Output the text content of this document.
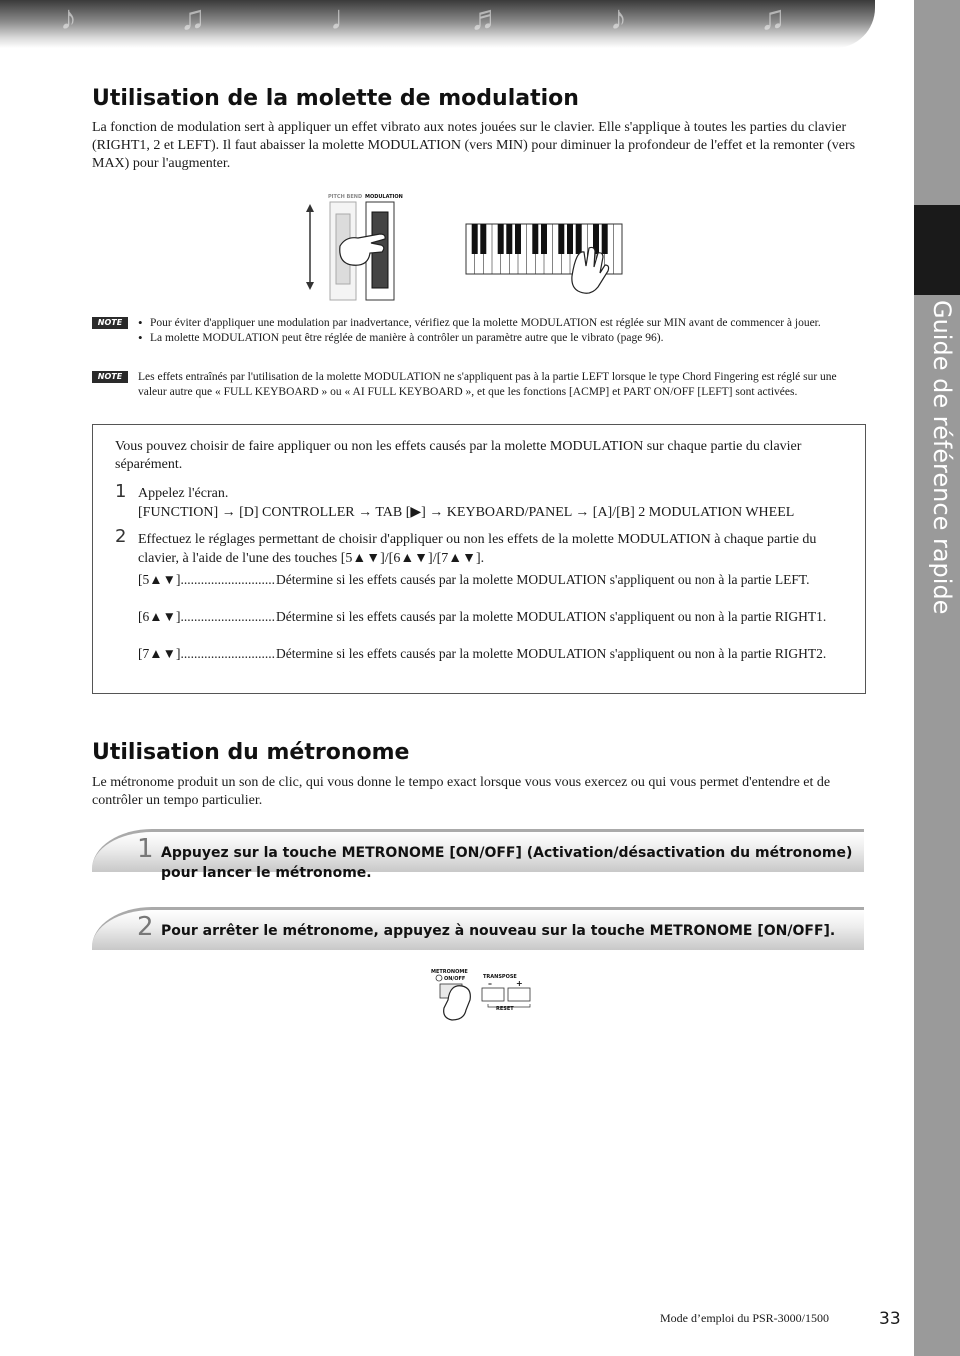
♪	♫	♩	♬	♪	♫
Guide de référence rapide
Utilisation de la molette de modulation

La fonction de modulation sert à appliquer un effet vibrato aux notes jouées sur le clavier. Elle s'applique à toutes les parties du clavier (RIGHT1, 2 et LEFT). Il faut abaisser la molette MODULATION (vers MIN) pour diminuer la profondeur de l'effet et la remonter (vers MAX) pour l'augmenter.

PITCH BEND MODULATION
NOTE
•	Pour éviter d'appliquer une modulation par inadvertance, vérifiez que la molette MODULATION est réglée sur MIN avant de commencer à jouer.
• La molette MODULATION peut être réglée de manière à contrôler un paramètre autre que le vibrato (page 96).
NOTE	Les effets entraînés par l'utilisation de la molette MODULATION ne s'appliquent pas à la partie LEFT lorsque le type Chord Fingering est réglé sur une valeur autre que « FULL KEYBOARD » ou « AI FULL KEYBOARD », et que les fonctions [ACMP] et PART ON/OFF [LEFT] sont activées.
Vous pouvez choisir de faire appliquer ou non les effets causés par la molette MODULATION sur chaque partie du clavier séparément.
1 Appelez l'écran.
[FUNCTION] → [D] CONTROLLER → TAB [▶] → KEYBOARD/PANEL → [A]/[B] 2 MODULATION WHEEL
2 Effectuez le réglages permettant de choisir d'appliquer ou non les effets de la molette MODULATION à chaque partie du clavier, à l'aide de l'une des touches [5▲▼]/[6▲▼]/[7▲▼].
[5▲▼]............................ Détermine si les effets causés par la molette MODULATION s'appliquent ou non à la partie LEFT.
[6▲▼]............................ Détermine si les effets causés par la molette MODULATION s'appliquent ou non à la partie RIGHT1.
[7▲▼]............................ Détermine si les effets causés par la molette MODULATION s'appliquent ou non à la partie RIGHT2.
Utilisation du métronome

Le métronome produit un son de clic, qui vous donne le tempo exact lorsque vous vous exercez ou qui vous permet d'entendre et de contrôler un tempo particulier.

1 Appuyez sur la touche METRONOME [ON/OFF] (Activation/désactivation du métronome) pour lancer le métronome.
2 Pour arrêter le métronome, appuyez à nouveau sur la touche METRONOME [ON/OFF].
METRONOME
ON/OFF	TRANSPOSE
–	+
RESET
Mode d’emploi du PSR-3000/1500	33
